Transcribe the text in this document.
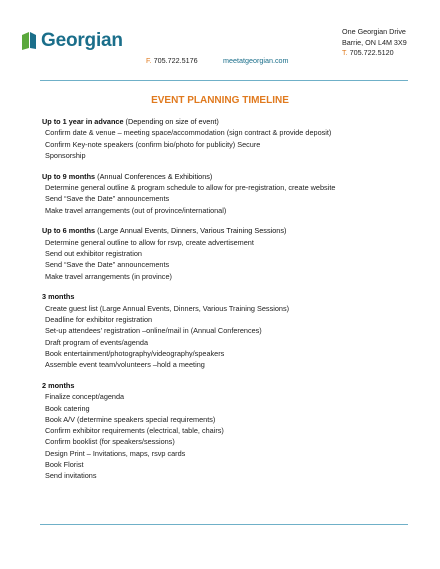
Georgian	One Georgian Drive
Barrie, ON L4M 3X9
T. 705.722.5120
F. 705.722.5176	meetatgeorgian.com
EVENT PLANNING TIMELINE
Up to 1 year in advance (Depending on size of event)
Confirm date & venue – meeting space/accommodation (sign contract & provide deposit)
Confirm Key-note speakers (confirm bio/photo for publicity) Secure
Sponsorship
Up to 9 months (Annual Conferences & Exhibitions)
Determine general outline & program schedule to allow for pre-registration, create website
Send “Save the Date” announcements
Make travel arrangements (out of province/international)
Up to 6 months (Large Annual Events, Dinners, Various Training Sessions)
Determine general outline to allow for rsvp, create advertisement
Send out exhibitor registration
Send “Save the Date” announcements
Make travel arrangements (in province)
3 months
Create guest list (Large Annual Events, Dinners, Various Training Sessions)
Deadline for exhibitor registration
Set-up attendees’ registration –online/mail in (Annual Conferences)
Draft program of events/agenda
Book entertainment/photography/videography/speakers
Assemble event team/volunteers –hold a meeting
2 months
Finalize concept/agenda
Book catering
Book A/V (determine speakers special requirements)
Confirm exhibitor requirements (electrical, table, chairs)
Confirm booklist (for speakers/sessions)
Design Print – Invitations, maps, rsvp cards
Book Florist
Send invitations
